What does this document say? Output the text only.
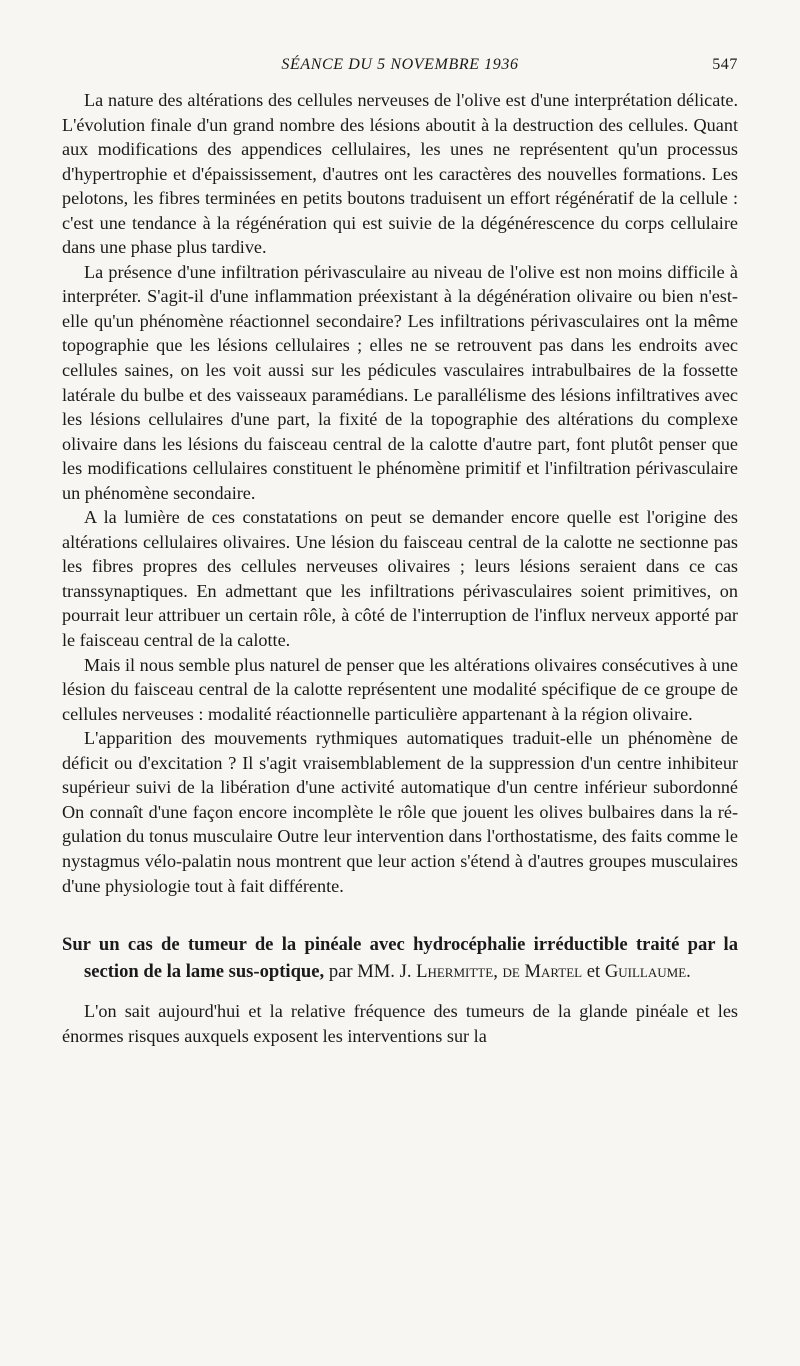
SÉANCE DU 5 NOVEMBRE 1936	547

La nature des altérations des cellules nerveuses de l'olive est d'une interprétation délicate. L'évolution finale d'un grand nombre des lésions aboutit à la destruction des cellules. Quant aux modifications des appendices cellulaires, les unes ne représentent qu'un processus d'hypertrophie et d'épaississement, d'autres ont les caractères des nouvelles formations. Les pelotons, les fibres terminées en petits boutons traduisent un effort régénératif de la cellule : c'est une tendance à la régénération qui est suivie de la dégénérescence du corps cellulaire dans une phase plus tardive.

La présence d'une infiltration périvasculaire au niveau de l'olive est non moins difficile à interpréter. S'agit-il d'une inflammation préexistant à la dégénération olivaire ou bien n'est-elle qu'un phénomène réactionnel secondaire? Les infiltrations périvasculaires ont la même topographie que les lésions cellulaires ; elles ne se retrouvent pas dans les endroits avec cellules saines, on les voit aussi sur les pédicules vasculaires intrabulbaires de la fossette latérale du bulbe et des vaisseaux paramédians. Le parallélisme des lésions infiltratives avec les lésions cellulaires d'une part, la fixité de la topographie des altérations du complexe olivaire dans les lésions du faisceau central de la calotte d'autre part, font plutôt penser que les modifications cellulaires constituent le phénomène primitif et l'infiltration périvasculaire un phénomène secondaire.

A la lumière de ces constatations on peut se demander encore quelle est l'origine des altérations cellulaires olivaires. Une lésion du faisceau central de la calotte ne sectionne pas les fibres propres des cellules nerveuses olivaires ; leurs lésions seraient dans ce cas transsynaptiques. En admettant que les infiltrations périvasculaires soient primitives, on pourrait leur attribuer un certain rôle, à côté de l'interruption de l'influx nerveux apporté par le faisceau central de la calotte.

Mais il nous semble plus naturel de penser que les altérations olivaires consécutives à une lésion du faisceau central de la calotte représentent une modalité spécifique de ce groupe de cellules nerveuses : modalité réactionnelle particulière appartenant à la région olivaire.

L'apparition des mouvements rythmiques automatiques traduit-elle un phénomène de déficit ou d'excitation ? Il s'agit vraisemblablement de la suppression d'un centre inhibiteur supérieur suivi de la libération d'une activité automatique d'un centre inférieur subordonné On connaît d'une façon encore incomplète le rôle que jouent les olives bulbaires dans la régulation du tonus musculaire Outre leur intervention dans l'orthostatisme, des faits comme le nystagmus vélo-palatin nous montrent que leur action s'étend à d'autres groupes musculaires d'une physiologie tout à fait différente.

Sur un cas de tumeur de la pinéale avec hydrocéphalie irréductible traité par la section de la lame sus-optique, par MM. J. Lhermitte, de Martel et Guillaume.

L'on sait aujourd'hui et la relative fréquence des tumeurs de la glande pinéale et les énormes risques auxquels exposent les interventions sur la
